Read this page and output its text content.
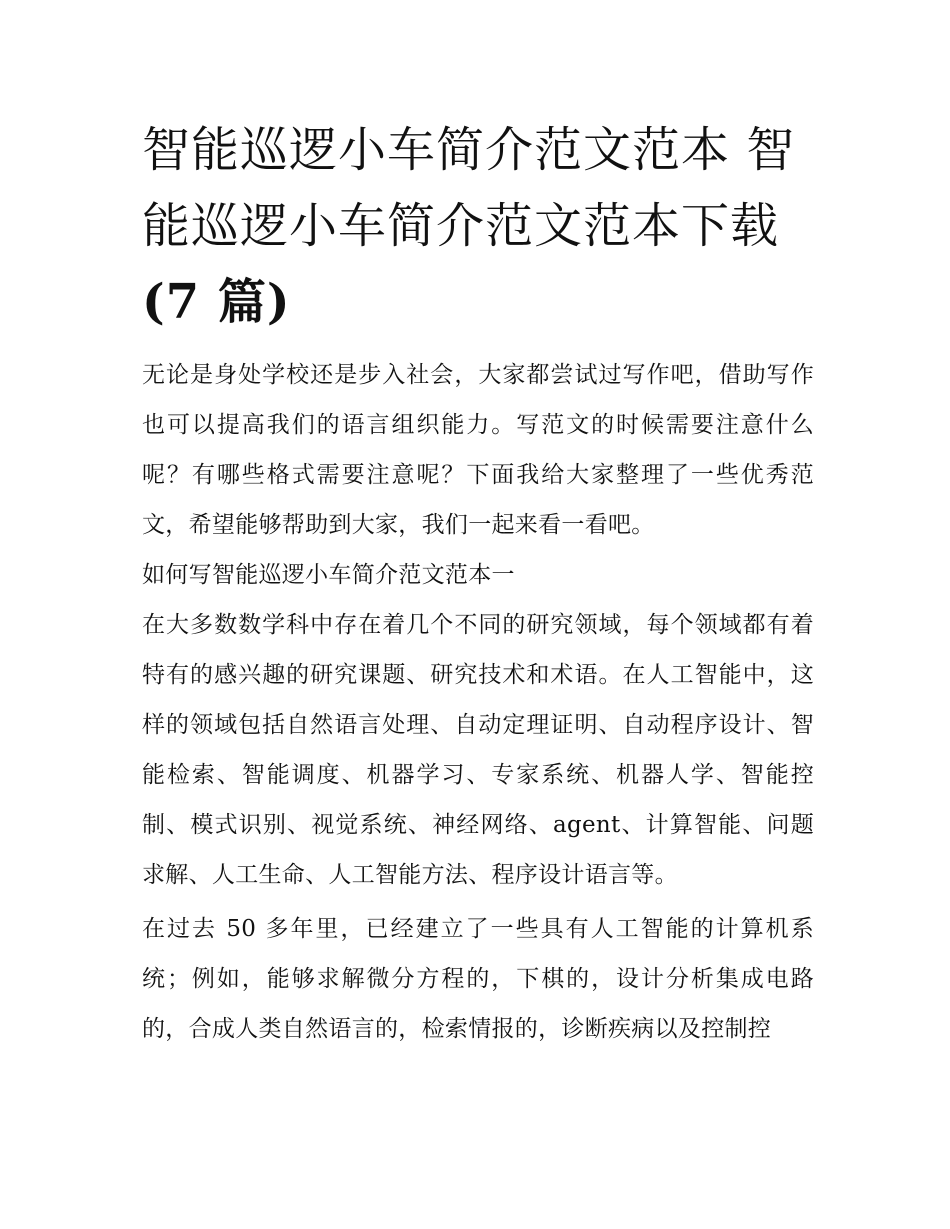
智能巡逻小车简介范文范本 智能巡逻小车简介范文范本下载
(7 篇)

无论是身处学校还是步入社会，大家都尝试过写作吧，借助写作也可以提高我们的语言组织能力。写范文的时候需要注意什么呢？有哪些格式需要注意呢？下面我给大家整理了一些优秀范文，希望能够帮助到大家，我们一起来看一看吧。

如何写智能巡逻小车简介范文范本一

在大多数数学科中存在着几个不同的研究领域，每个领域都有着特有的感兴趣的研究课题、研究技术和术语。在人工智能中，这样的领域包括自然语言处理、自动定理证明、自动程序设计、智能检索、智能调度、机器学习、专家系统、机器人学、智能控制、模式识别、视觉系统、神经网络、agent、计算智能、问题求解、人工生命、人工智能方法、程序设计语言等。

在过去 50 多年里，已经建立了一些具有人工智能的计算机系统；例如，能够求解微分方程的，下棋的，设计分析集成电路的，合成人类自然语言的，检索情报的，诊断疾病以及控制控
